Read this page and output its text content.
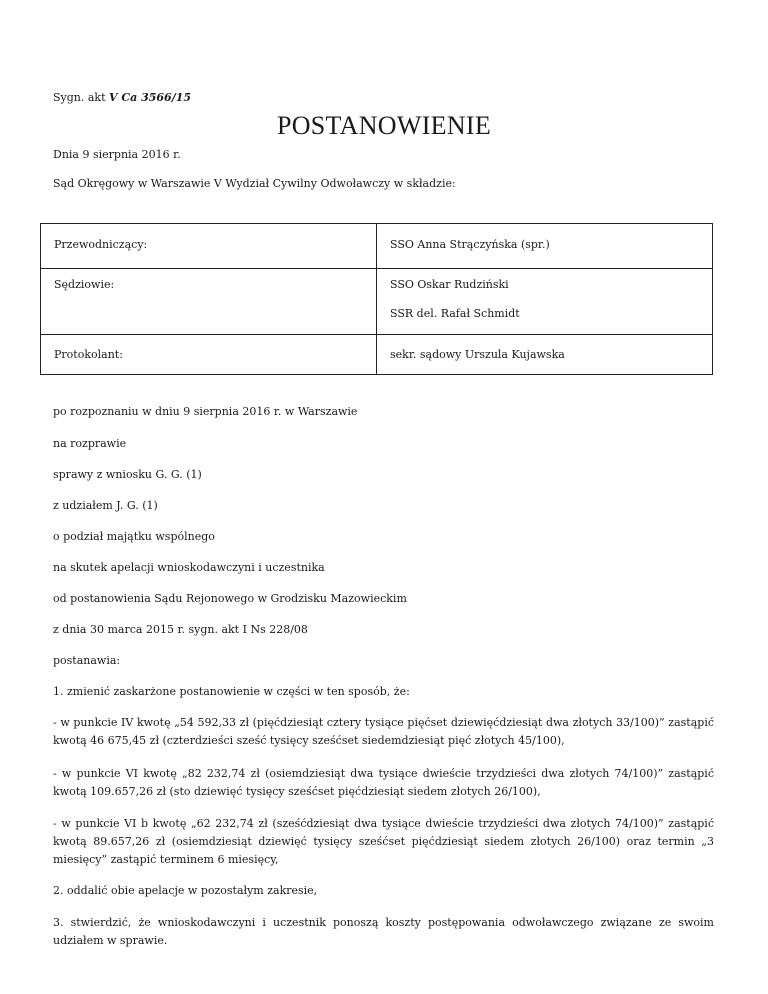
Sygn. akt V Ca 3566/15
POSTANOWIENIE
Dnia 9 sierpnia 2016 r.
Sąd Okręgowy w Warszawie V Wydział Cywilny Odwoławczy w składzie:
Przewodniczący:	SSO Anna Strączyńska (spr.)
Sędziowie:	SSO Oskar Rudziński
SSR del. Rafał Schmidt
Protokolant:	sekr. sądowy Urszula Kujawska
po rozpoznaniu w dniu 9 sierpnia 2016 r. w Warszawie
na rozprawie
sprawy z wniosku G. G. (1)
z udziałem J. G. (1)
o podział majątku wspólnego
na skutek apelacji wnioskodawczyni i uczestnika
od postanowienia Sądu Rejonowego w Grodzisku Mazowieckim
z dnia 30 marca 2015 r. sygn. akt I Ns 228/08
postanawia:
1. zmienić zaskarżone postanowienie w części w ten sposób, że:
- w punkcie IV kwotę „54 592,33 zł (pięćdziesiąt cztery tysiące pięćset dziewięćdziesiąt dwa złotych 33/100)” zastąpić kwotą 46 675,45 zł (czterdzieści sześć tysięcy sześćset siedemdziesiąt pięć złotych 45/100),
- w punkcie VI kwotę „82 232,74 zł (osiemdziesiąt dwa tysiące dwieście trzydzieści dwa złotych 74/100)” zastąpić kwotą 109.657,26 zł (sto dziewięć tysięcy sześćset pięćdziesiąt siedem złotych 26/100),
- w punkcie VI b kwotę „62 232,74 zł (sześćdziesiąt dwa tysiące dwieście trzydzieści dwa złotych 74/100)” zastąpić kwotą 89.657,26 zł (osiemdziesiąt dziewięć tysięcy sześćset pięćdziesiąt siedem złotych 26/100) oraz termin „3 miesięcy” zastąpić terminem 6 miesięcy,
2. oddalić obie apelacje w pozostałym zakresie,
3. stwierdzić, że wnioskodawczyni i uczestnik ponoszą koszty postępowania odwoławczego związane ze swoim udziałem w sprawie.
